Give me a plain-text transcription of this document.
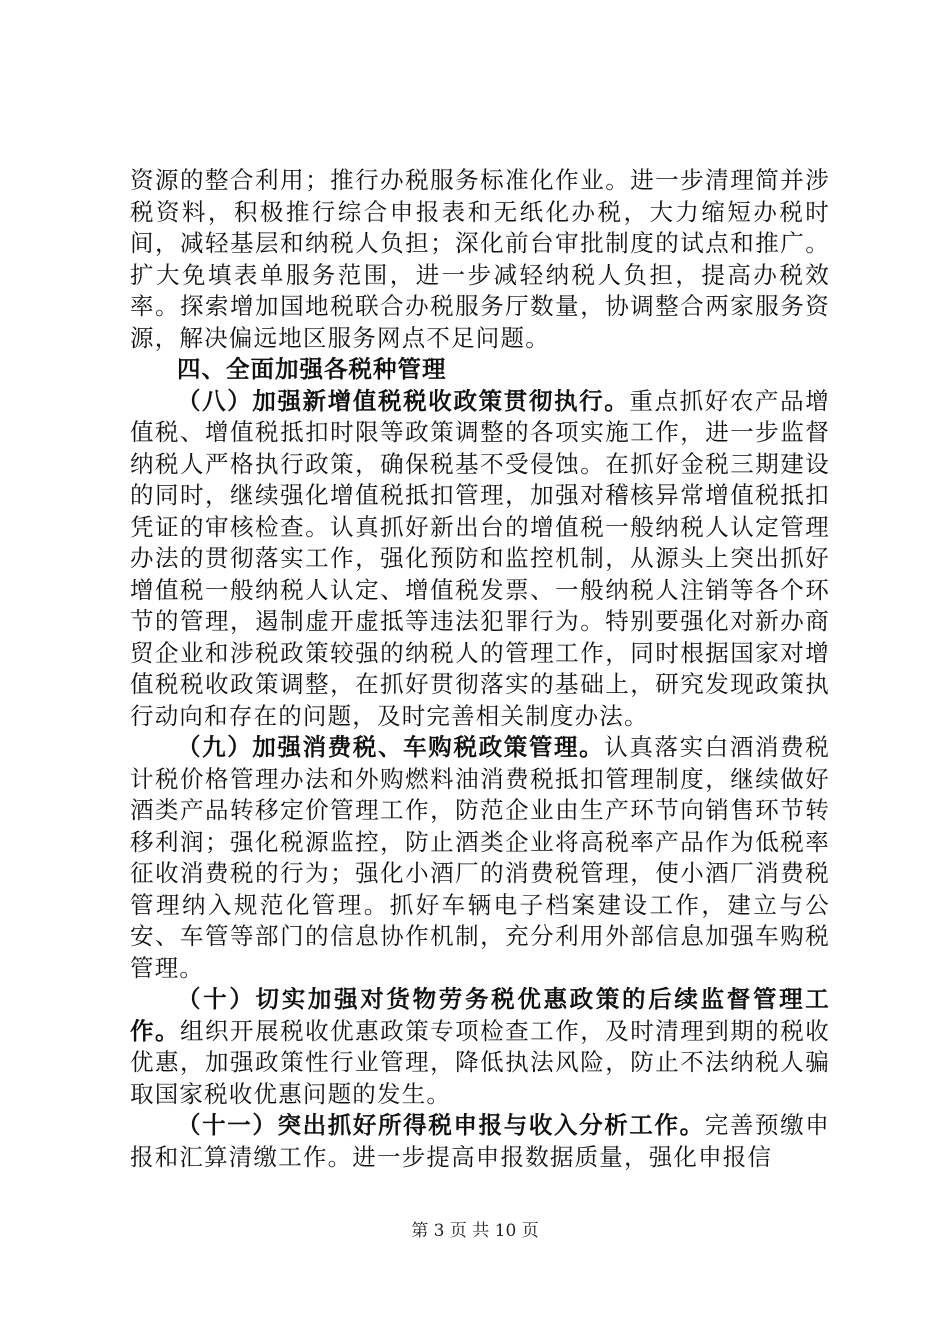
资源的整合利用；推行办税服务标准化作业。进一步清理简并涉税资料，积极推行综合申报表和无纸化办税，大力缩短办税时间，减轻基层和纳税人负担；深化前台审批制度的试点和推广。扩大免填表单服务范围，进一步减轻纳税人负担，提高办税效率。探索增加国地税联合办税服务厅数量，协调整合两家服务资源，解决偏远地区服务网点不足问题。

四、全面加强各税种管理

（八）加强新增值税税收政策贯彻执行。重点抓好农产品增值税、增值税抵扣时限等政策调整的各项实施工作，进一步监督纳税人严格执行政策，确保税基不受侵蚀。在抓好金税三期建设的同时，继续强化增值税抵扣管理，加强对稽核异常增值税抵扣凭证的审核检查。认真抓好新出台的增值税一般纳税人认定管理办法的贯彻落实工作，强化预防和监控机制，从源头上突出抓好增值税一般纳税人认定、增值税发票、一般纳税人注销等各个环节的管理，遏制虚开虚抵等违法犯罪行为。特别要强化对新办商贸企业和涉税政策较强的纳税人的管理工作，同时根据国家对增值税税收政策调整，在抓好贯彻落实的基础上，研究发现政策执行动向和存在的问题，及时完善相关制度办法。

（九）加强消费税、车购税政策管理。认真落实白酒消费税计税价格管理办法和外购燃料油消费税抵扣管理制度，继续做好酒类产品转移定价管理工作，防范企业由生产环节向销售环节转移利润；强化税源监控，防止酒类企业将高税率产品作为低税率征收消费税的行为；强化小酒厂的消费税管理，使小酒厂消费税管理纳入规范化管理。抓好车辆电子档案建设工作，建立与公安、车管等部门的信息协作机制，充分利用外部信息加强车购税管理。

（十）切实加强对货物劳务税优惠政策的后续监督管理工作。组织开展税收优惠政策专项检查工作，及时清理到期的税收优惠，加强政策性行业管理，降低执法风险，防止不法纳税人骗取国家税收优惠问题的发生。

（十一）突出抓好所得税申报与收入分析工作。完善预缴申报和汇算清缴工作。进一步提高申报数据质量，强化申报信

第 3 页 共 10 页
